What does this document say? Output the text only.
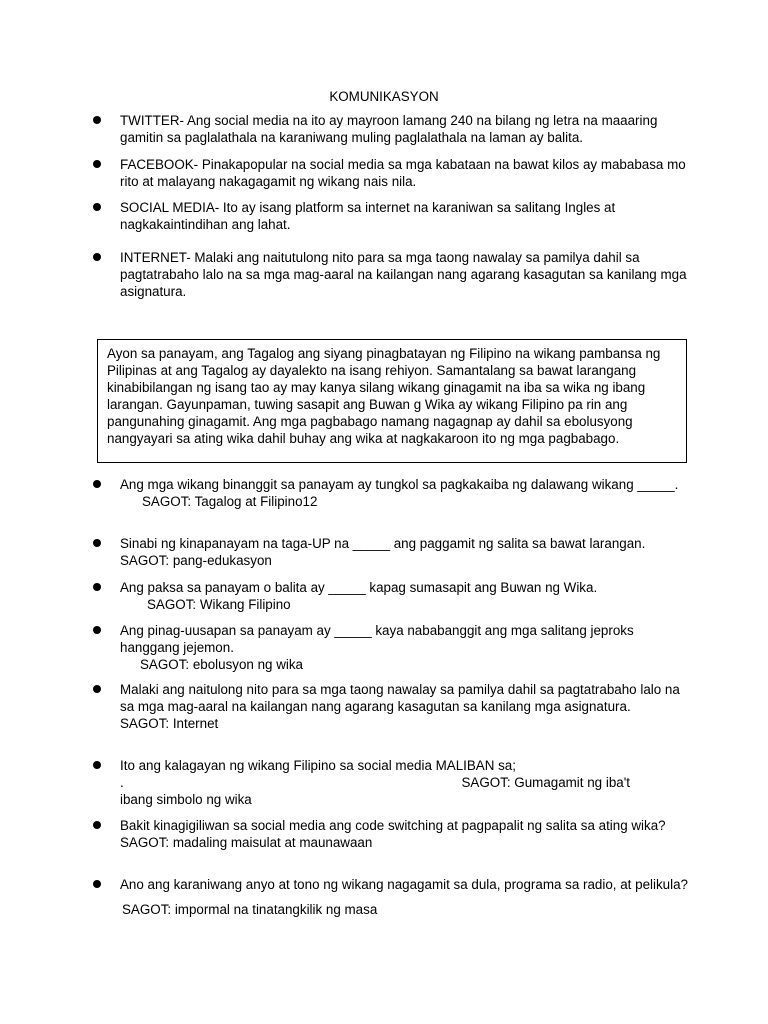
KOMUNIKASYON
TWITTER- Ang social media na ito ay mayroon lamang 240 na bilang ng letra na maaaring gamitin sa paglalathala na karaniwang muling paglalathala na laman ay balita.
FACEBOOK- Pinakapopular na social media sa mga kabataan na bawat kilos ay mababasa mo rito at malayang nakagagamit ng wikang nais nila.
SOCIAL MEDIA- Ito ay isang platform sa internet na karaniwan sa salitang Ingles at nagkakaintindihan ang lahat.
INTERNET- Malaki ang naitutulong nito para sa mga taong nawalay sa pamilya dahil sa pagtatrabaho lalo na sa mga mag-aaral na kailangan nang agarang kasagutan sa kanilang mga asignatura.
Ayon sa panayam, ang Tagalog ang siyang pinagbatayan ng Filipino na wikang pambansa ng Pilipinas at ang Tagalog ay dayalekto na isang rehiyon. Samantalang sa bawat larangang kinabibilangan ng isang tao ay may kanya silang wikang ginagamit na iba sa wika ng ibang larangan. Gayunpaman, tuwing sasapit ang Buwan g Wika ay wikang Filipino pa rin ang pangunahing ginagamit. Ang mga pagbabago namang nagagnap ay dahil sa ebolusyong nangyayari sa ating wika dahil buhay ang wika at nagkakaroon ito ng mga pagbabago.
Ang mga wikang binanggit sa panayam ay tungkol sa pagkakaiba ng dalawang wikang _____.
SAGOT: Tagalog at Filipino12
Sinabi ng kinapanayam na taga-UP na _____ ang paggamit ng salita sa bawat larangan. SAGOT: pang-edukasyon
Ang paksa sa panayam o balita ay _____ kapag sumasapit ang Buwan ng Wika.
SAGOT: Wikang Filipino
Ang pinag-uusapan sa panayam ay _____ kaya nababanggit ang mga salitang jeproks hanggang jejemon.
SAGOT: ebolusyon ng wika
Malaki ang naitulong nito para sa mga taong nawalay sa pamilya dahil sa pagtatrabaho lalo na sa mga mag-aaral na kailangan nang agarang kasagutan sa kanilang mga asignatura.
SAGOT: Internet
Ito ang kalagayan ng wikang Filipino sa social media MALIBAN sa;
.	SAGOT: Gumagamit ng iba't
ibang simbolo ng wika
Bakit kinagigiliwan sa social media ang code switching at pagpapalit ng salita sa ating wika?
SAGOT: madaling maisulat at maunawaan
Ano ang karaniwang anyo at tono ng wikang nagagamit sa dula, programa sa radio, at pelikula?
SAGOT: impormal na tinatangkilik ng masa
